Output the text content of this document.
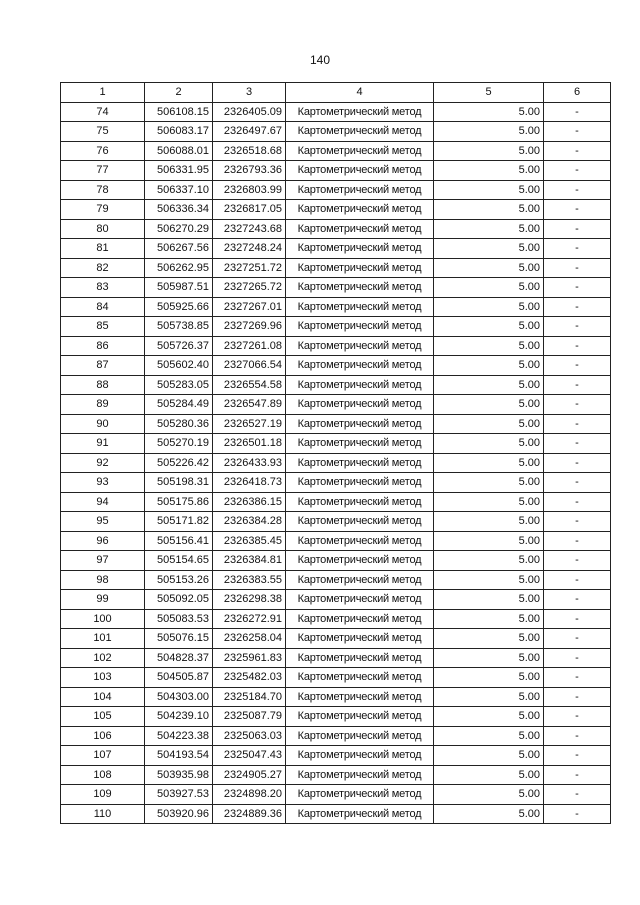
140
1	2	3	4	5	6
74	506108.15	2326405.09	Картометрический метод	5.00	-
75	506083.17	2326497.67	Картометрический метод	5.00	-
76	506088.01	2326518.68	Картометрический метод	5.00	-
77	506331.95	2326793.36	Картометрический метод	5.00	-
78	506337.10	2326803.99	Картометрический метод	5.00	-
79	506336.34	2326817.05	Картометрический метод	5.00	-
80	506270.29	2327243.68	Картометрический метод	5.00	-
81	506267.56	2327248.24	Картометрический метод	5.00	-
82	506262.95	2327251.72	Картометрический метод	5.00	-
83	505987.51	2327265.72	Картометрический метод	5.00	-
84	505925.66	2327267.01	Картометрический метод	5.00	-
85	505738.85	2327269.96	Картометрический метод	5.00	-
86	505726.37	2327261.08	Картометрический метод	5.00	-
87	505602.40	2327066.54	Картометрический метод	5.00	-
88	505283.05	2326554.58	Картометрический метод	5.00	-
89	505284.49	2326547.89	Картометрический метод	5.00	-
90	505280.36	2326527.19	Картометрический метод	5.00	-
91	505270.19	2326501.18	Картометрический метод	5.00	-
92	505226.42	2326433.93	Картометрический метод	5.00	-
93	505198.31	2326418.73	Картометрический метод	5.00	-
94	505175.86	2326386.15	Картометрический метод	5.00	-
95	505171.82	2326384.28	Картометрический метод	5.00	-
96	505156.41	2326385.45	Картометрический метод	5.00	-
97	505154.65	2326384.81	Картометрический метод	5.00	-
98	505153.26	2326383.55	Картометрический метод	5.00	-
99	505092.05	2326298.38	Картометрический метод	5.00	-
100	505083.53	2326272.91	Картометрический метод	5.00	-
101	505076.15	2326258.04	Картометрический метод	5.00	-
102	504828.37	2325961.83	Картометрический метод	5.00	-
103	504505.87	2325482.03	Картометрический метод	5.00	-
104	504303.00	2325184.70	Картометрический метод	5.00	-
105	504239.10	2325087.79	Картометрический метод	5.00	-
106	504223.38	2325063.03	Картометрический метод	5.00	-
107	504193.54	2325047.43	Картометрический метод	5.00	-
108	503935.98	2324905.27	Картометрический метод	5.00	-
109	503927.53	2324898.20	Картометрический метод	5.00	-
110	503920.96	2324889.36	Картометрический метод	5.00	-
